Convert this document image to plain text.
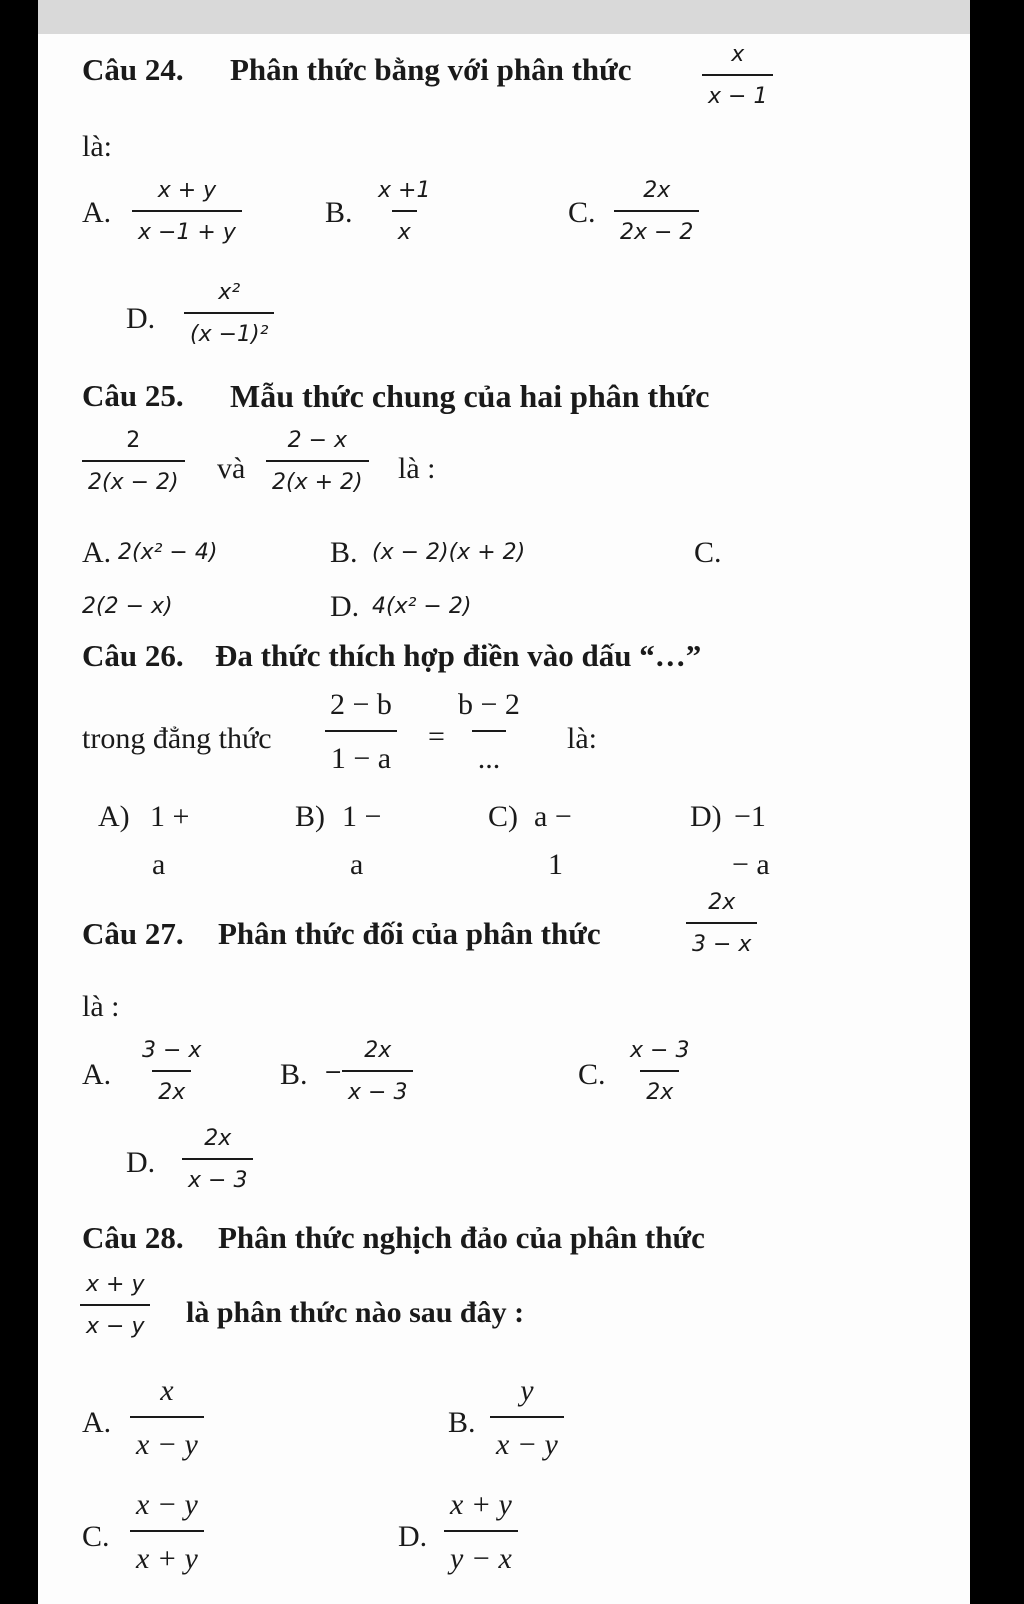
Câu 24. Phân thức bằng với phân thức	$\frac{x}{x - 1}$
là:
A. $\frac{x + y}{x -1 + y}$	B. $\frac{x +1}{x}$	C. $\frac{2x}{2x - 2}$
D. $\frac{\text{x²}}{\text{(x −1)²}}$
Câu 25. Mẫu thức chung của hai phân thức
$\frac{2}{2(x - 2)}$ và $\frac{2 - x}{2(x + 2)}$ là :
A. 2(x² − 4)	B. (x − 2)(x + 2)	C.
2(2 − x)	D. 4(x² − 2)
Câu 26. Đa thức thích hợp điền vào dấu “…”
trong đẳng thức $\frac{2 - b}{1 - a}$ =
b − 2
...
là:
A) 1 +
a
B) 1 −
a
C) a −
1
D) −1
− a
Câu 27. Phân thức đối của phân thức	$\frac{2x}{3 - x}$
là :
A. $\frac{3 - x}{2x} B$. − $\frac{2x}{x - 3}$	C. $\frac{x - 3}{2x}$
D. $\frac{2x}{x - 3}$
Câu 28. Phân thức nghịch đảo của phân thức
$\frac{x + y}{x - y}$ là phân thức nào sau đây :
A. $\frac{x}{x - y}$	B. $\frac{y}{x - y}$
C. $\frac{x - y}{x + y}$	D. $\frac{x + y}{y - x}$
